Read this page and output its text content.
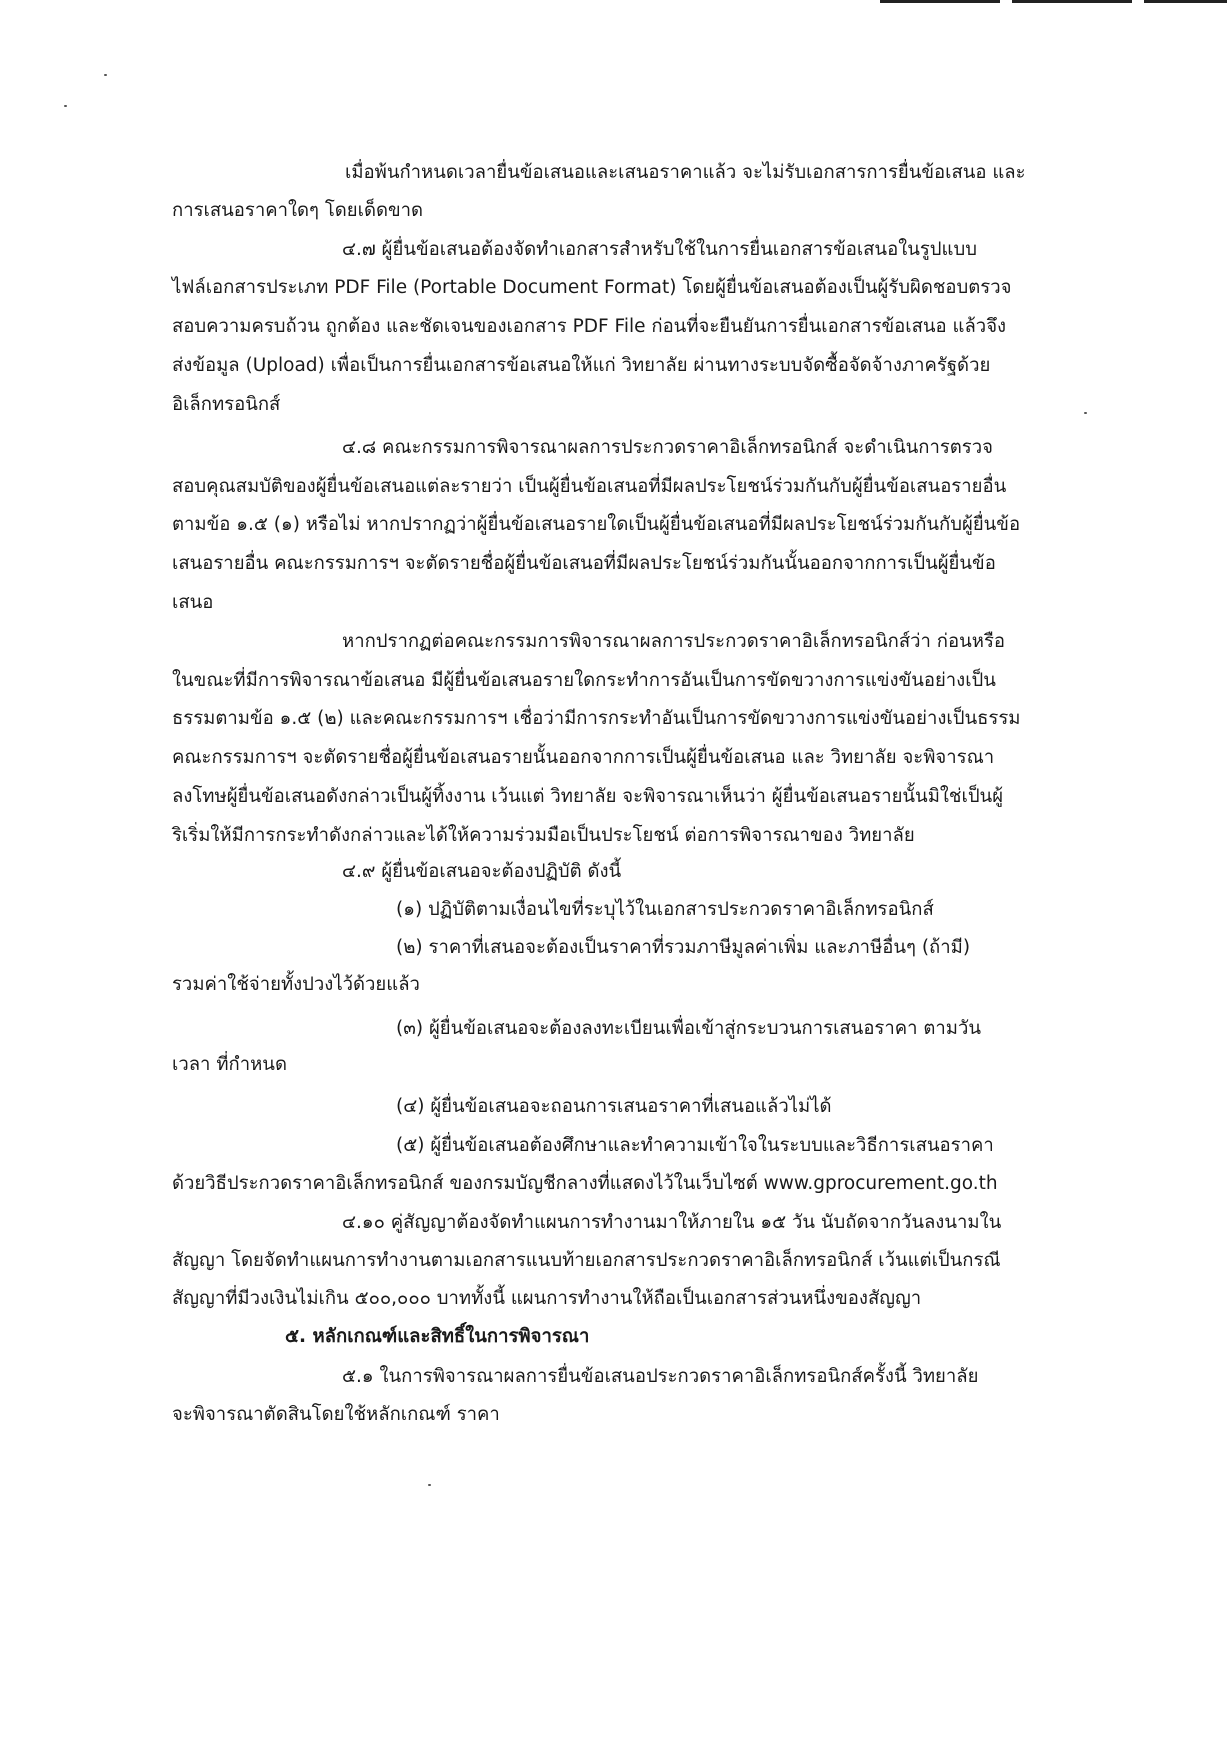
เมื่อพ้นกำหนดเวลายื่นข้อเสนอและเสนอราคาแล้ว จะไม่รับเอกสารการยื่นข้อเสนอ และ

การเสนอราคาใดๆ โดยเด็ดขาด

๔.๗ ผู้ยื่นข้อเสนอต้องจัดทำเอกสารสำหรับใช้ในการยื่นเอกสารข้อเสนอในรูปแบบ

ไฟล์เอกสารประเภท PDF File (Portable Document Format) โดยผู้ยื่นข้อเสนอต้องเป็นผู้รับผิดชอบตรวจ

สอบความครบถ้วน ถูกต้อง และชัดเจนของเอกสาร PDF File ก่อนที่จะยืนยันการยื่นเอกสารข้อเสนอ แล้วจึง

ส่งข้อมูล (Upload) เพื่อเป็นการยื่นเอกสารข้อเสนอให้แก่ วิทยาลัย ผ่านทางระบบจัดซื้อจัดจ้างภาครัฐด้วย

อิเล็กทรอนิกส์

๔.๘ คณะกรรมการพิจารณาผลการประกวดราคาอิเล็กทรอนิกส์ จะดำเนินการตรวจ

สอบคุณสมบัติของผู้ยื่นข้อเสนอแต่ละรายว่า เป็นผู้ยื่นข้อเสนอที่มีผลประโยชน์ร่วมกันกับผู้ยื่นข้อเสนอรายอื่น

ตามข้อ ๑.๕ (๑) หรือไม่ หากปรากฏว่าผู้ยื่นข้อเสนอรายใดเป็นผู้ยื่นข้อเสนอที่มีผลประโยชน์ร่วมกันกับผู้ยื่นข้อ

เสนอรายอื่น คณะกรรมการฯ จะตัดรายชื่อผู้ยื่นข้อเสนอที่มีผลประโยชน์ร่วมกันนั้นออกจากการเป็นผู้ยื่นข้อ

เสนอ

หากปรากฏต่อคณะกรรมการพิจารณาผลการประกวดราคาอิเล็กทรอนิกส์ว่า ก่อนหรือ

ในขณะที่มีการพิจารณาข้อเสนอ มีผู้ยื่นข้อเสนอรายใดกระทำการอันเป็นการขัดขวางการแข่งขันอย่างเป็น

ธรรมตามข้อ ๑.๕ (๒) และคณะกรรมการฯ เชื่อว่ามีการกระทำอันเป็นการขัดขวางการแข่งขันอย่างเป็นธรรม

คณะกรรมการฯ จะตัดรายชื่อผู้ยื่นข้อเสนอรายนั้นออกจากการเป็นผู้ยื่นข้อเสนอ และ วิทยาลัย จะพิจารณา

ลงโทษผู้ยื่นข้อเสนอดังกล่าวเป็นผู้ทิ้งงาน เว้นแต่ วิทยาลัย จะพิจารณาเห็นว่า ผู้ยื่นข้อเสนอรายนั้นมิใช่เป็นผู้

ริเริ่มให้มีการกระทำดังกล่าวและได้ให้ความร่วมมือเป็นประโยชน์ ต่อการพิจารณาของ วิทยาลัย

๔.๙ ผู้ยื่นข้อเสนอจะต้องปฏิบัติ ดังนี้

(๑) ปฏิบัติตามเงื่อนไขที่ระบุไว้ในเอกสารประกวดราคาอิเล็กทรอนิกส์

(๒) ราคาที่เสนอจะต้องเป็นราคาที่รวมภาษีมูลค่าเพิ่ม และภาษีอื่นๆ (ถ้ามี)

รวมค่าใช้จ่ายทั้งปวงไว้ด้วยแล้ว

(๓) ผู้ยื่นข้อเสนอจะต้องลงทะเบียนเพื่อเข้าสู่กระบวนการเสนอราคา ตามวัน

เวลา ที่กำหนด

(๔) ผู้ยื่นข้อเสนอจะถอนการเสนอราคาที่เสนอแล้วไม่ได้

(๕) ผู้ยื่นข้อเสนอต้องศึกษาและทำความเข้าใจในระบบและวิธีการเสนอราคา

ด้วยวิธีประกวดราคาอิเล็กทรอนิกส์ ของกรมบัญชีกลางที่แสดงไว้ในเว็บไซต์ www.gprocurement.go.th

๔.๑๐ คู่สัญญาต้องจัดทำแผนการทำงานมาให้ภายใน ๑๕ วัน นับถัดจากวันลงนามใน

สัญญา โดยจัดทำแผนการทำงานตามเอกสารแนบท้ายเอกสารประกวดราคาอิเล็กทรอนิกส์ เว้นแต่เป็นกรณี

สัญญาที่มีวงเงินไม่เกิน ๕๐๐,๐๐๐ บาททั้งนี้ แผนการทำงานให้ถือเป็นเอกสารส่วนหนึ่งของสัญญา

๕. หลักเกณฑ์และสิทธิ์ในการพิจารณา

๕.๑ ในการพิจารณาผลการยื่นข้อเสนอประกวดราคาอิเล็กทรอนิกส์ครั้งนี้ วิทยาลัย

จะพิจารณาตัดสินโดยใช้หลักเกณฑ์ ราคา
